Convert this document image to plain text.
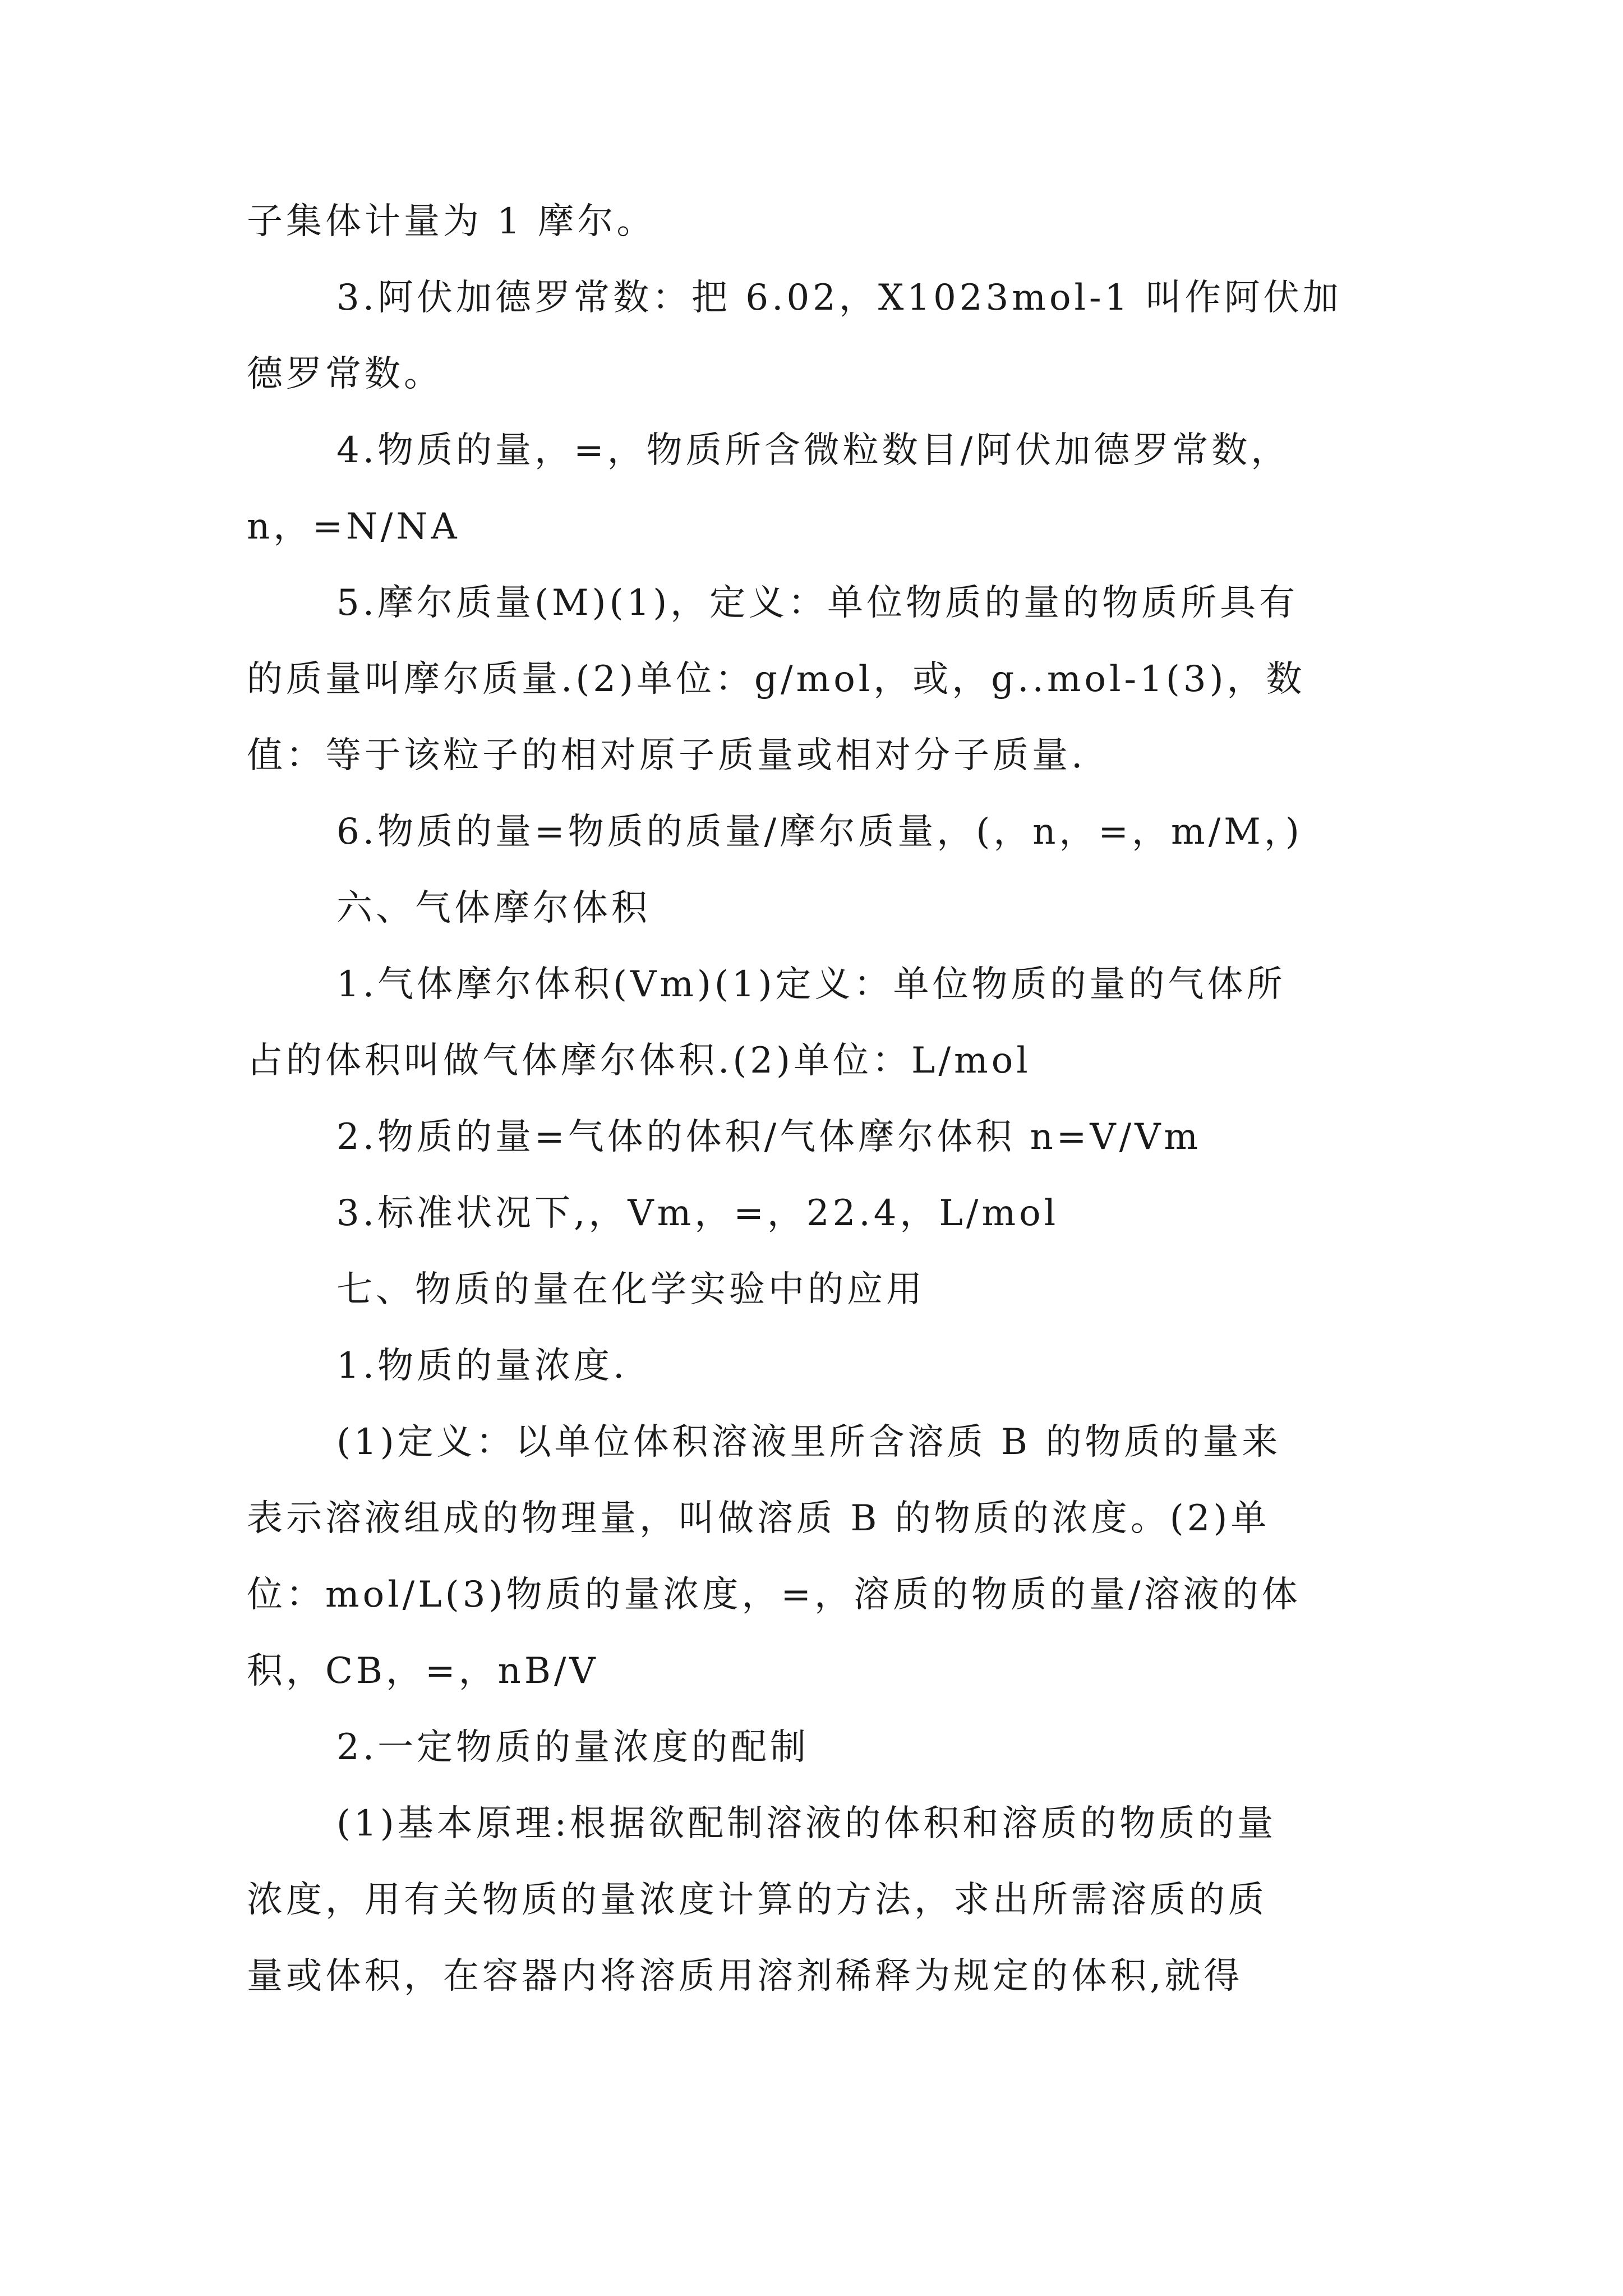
子集体计量为 1 摩尔。
3.阿伏加德罗常数：把 6.02，X1023mol-1 叫作阿伏加
德罗常数。
4.物质的量，=，物质所含微粒数目/阿伏加德罗常数，
n，=N/NA
5.摩尔质量(M)(1)，定义：单位物质的量的物质所具有
的质量叫摩尔质量.(2)单位：g/mol，或，g..mol-1(3)，数
值：等于该粒子的相对原子质量或相对分子质量.
6.物质的量=物质的质量/摩尔质量，(，n，=，m/M，)
六、气体摩尔体积
1.气体摩尔体积(Vm)(1)定义：单位物质的量的气体所
占的体积叫做气体摩尔体积.(2)单位：L/mol
2.物质的量=气体的体积/气体摩尔体积 n=V/Vm
3.标准状况下,，Vm，=，22.4，L/mol
七、物质的量在化学实验中的应用
1.物质的量浓度.
(1)定义：以单位体积溶液里所含溶质 B 的物质的量来
表示溶液组成的物理量，叫做溶质 B 的物质的浓度。(2)单
位：mol/L(3)物质的量浓度，=，溶质的物质的量/溶液的体
积，CB，=，nB/V
2.一定物质的量浓度的配制
(1)基本原理:根据欲配制溶液的体积和溶质的物质的量
浓度，用有关物质的量浓度计算的方法，求出所需溶质的质
量或体积，在容器内将溶质用溶剂稀释为规定的体积,就得
